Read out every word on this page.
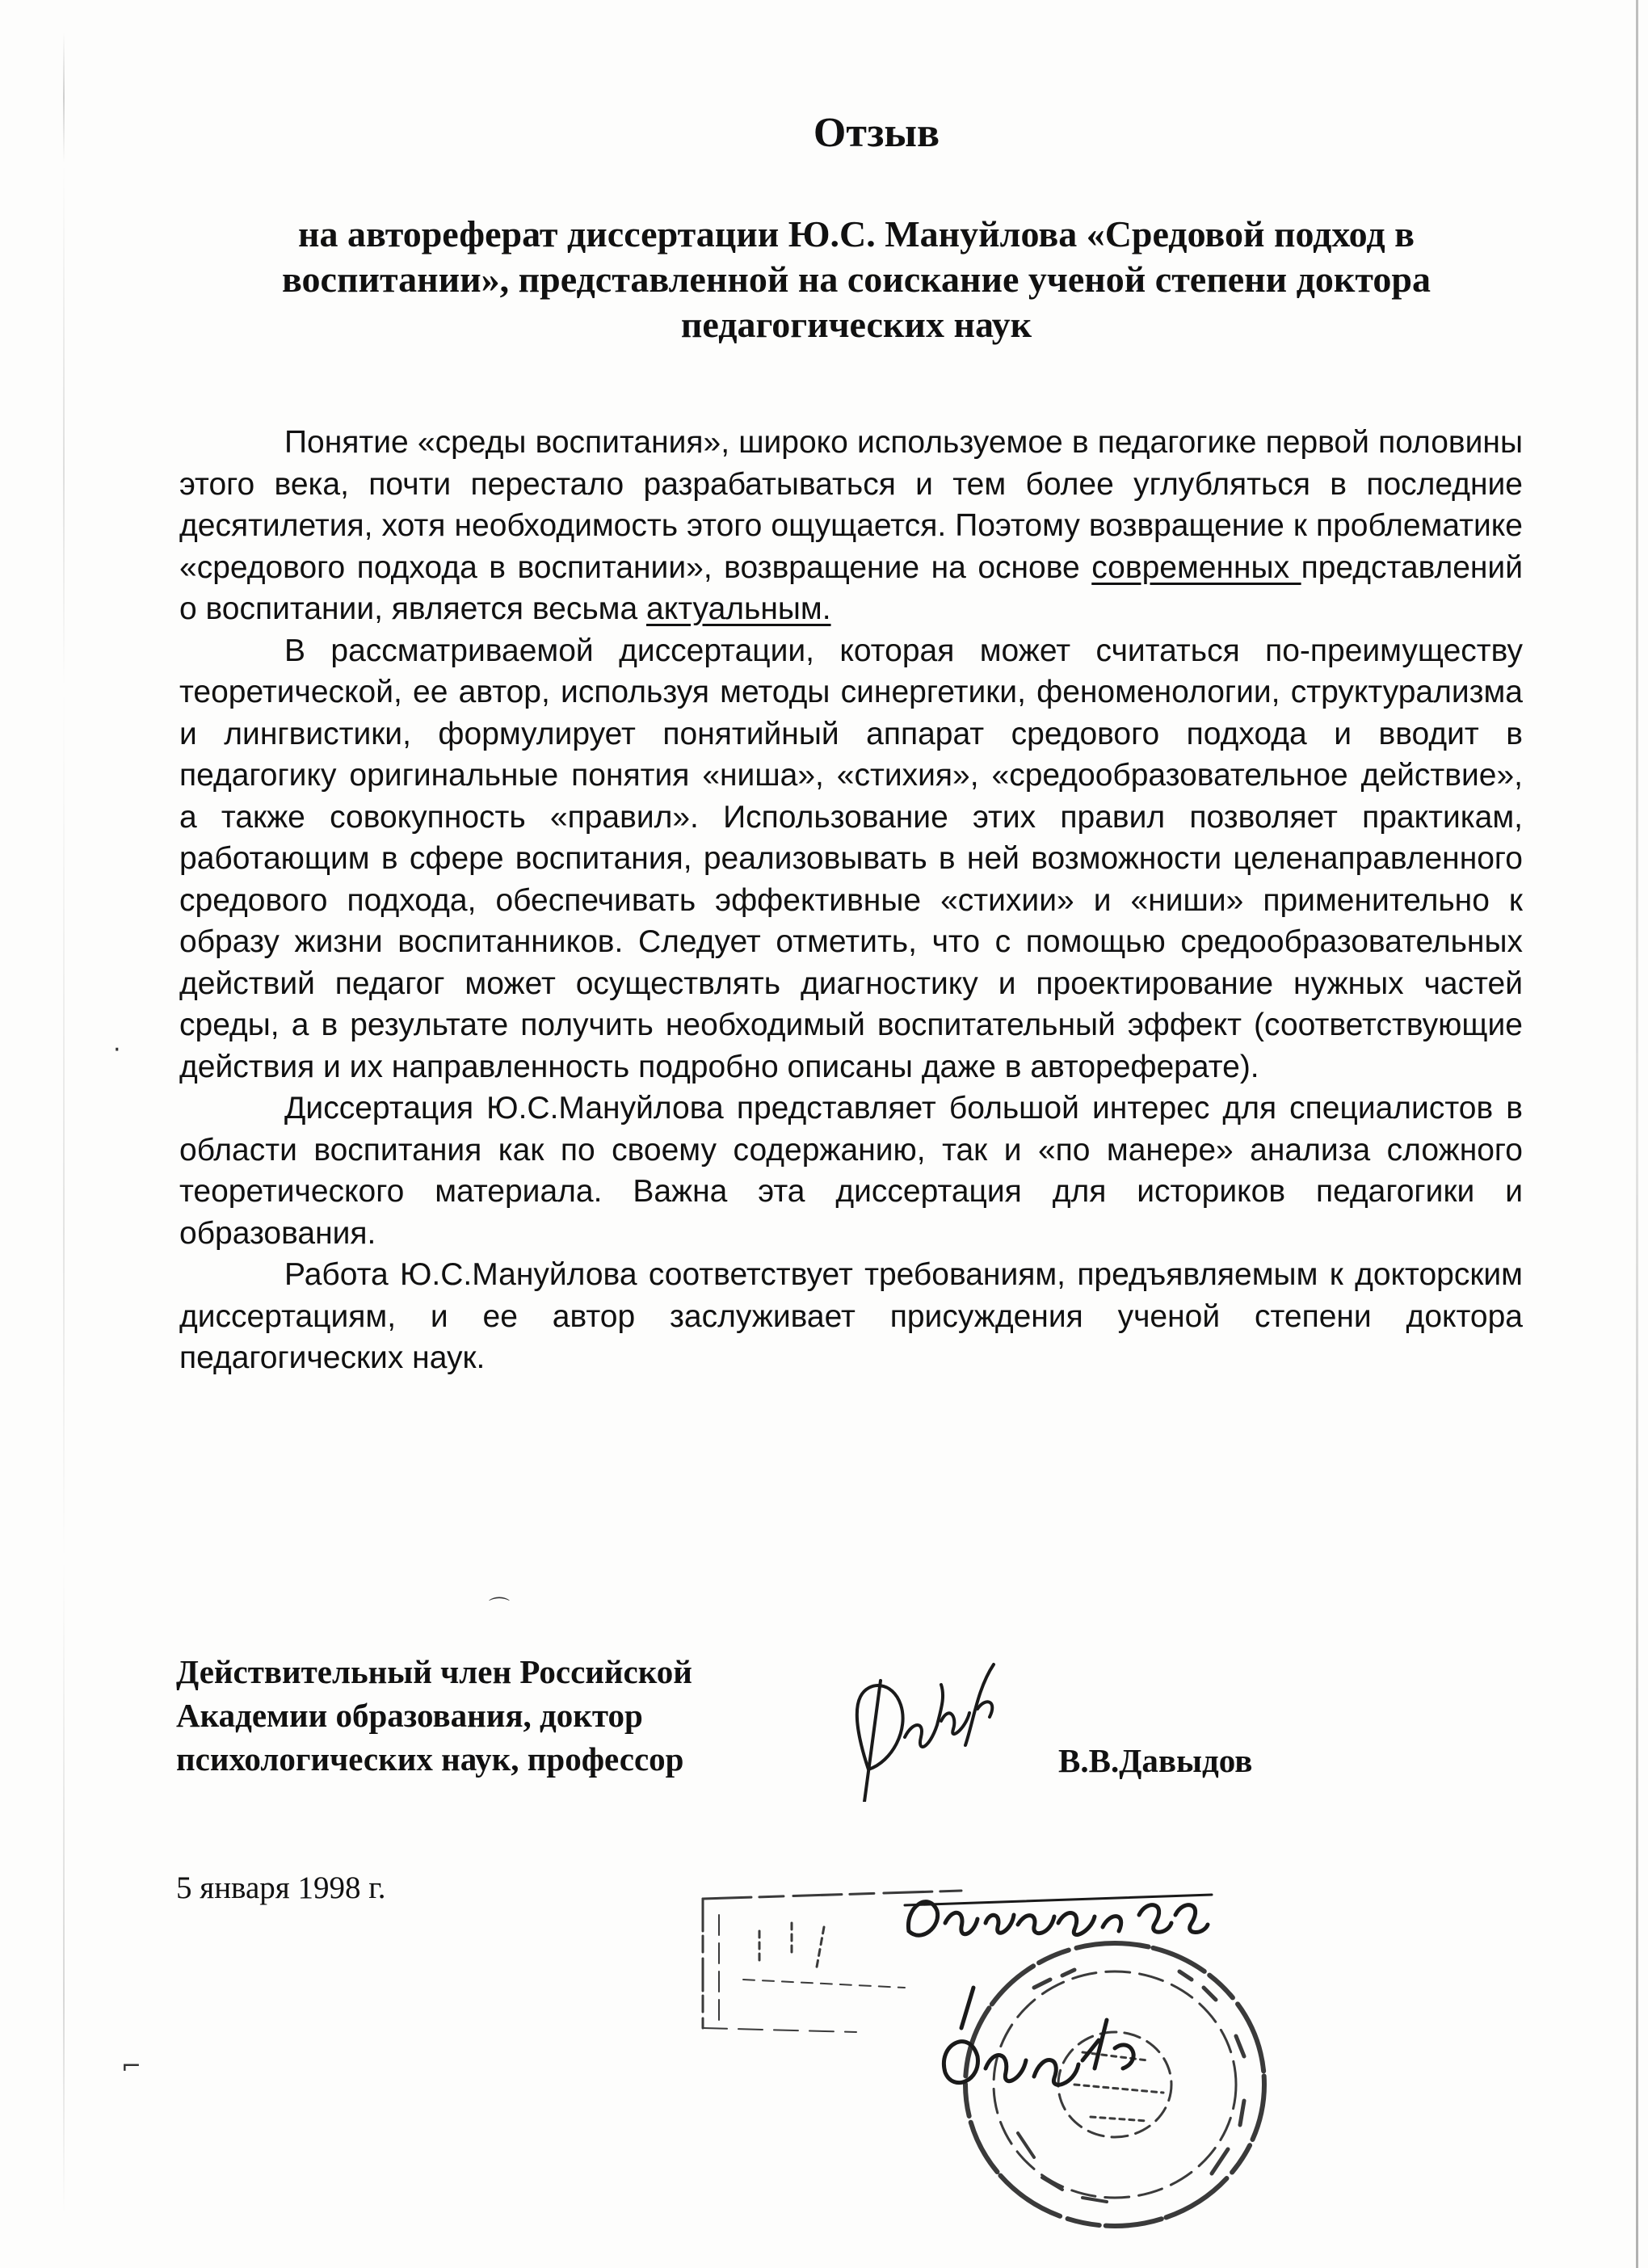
Отзыв
на автореферат диссертации Ю.С. Мануйлова «Средовой подход в воспитании», представленной на соискание ученой степени доктора педагогических наук

Понятие «среды воспитания», широко используемое в педагогике первой половины этого века, почти перестало разрабатываться и тем более углубляться в последние десятилетия, хотя необходимость этого ощущается. Поэтому возвращение к проблематике «средового подхода в воспитании», возвращение на основе современных представлений о воспитании, является весьма актуальным.

В рассматриваемой диссертации, которая может считаться по-преимуществу теоретической, ее автор, используя методы синергетики, феноменологии, структурализма и лингвистики, формулирует понятийный аппарат средового подхода и вводит в педагогику оригинальные понятия «ниша», «стихия», «средообразовательное действие», а также совокупность «правил». Использование этих правил позволяет практикам, работающим в сфере воспитания, реализовывать в ней возможности целенаправленного средового подхода, обеспечивать эффективные «стихии» и «ниши» применительно к образу жизни воспитанников. Следует отметить, что с помощью средообразовательных действий педагог может осуществлять диагностику и проектирование нужных частей среды, а в результате получить необходимый воспитательный эффект (соответствующие действия и их направленность подробно описаны даже в автореферате).

Диссертация Ю.С.Мануйлова представляет большой интерес для специалистов в области воспитания как по своему содержанию, так и «по манере» анализа сложного теоретического материала. Важна эта диссертация для историков педагогики и образования.

Работа Ю.С.Мануйлова соответствует требованиям, предъявляемым к докторским диссертациям, и ее автор заслуживает присуждения ученой степени доктора педагогических наук.

Действительный член Российской
Академии образования, доктор
психологических наук, профессор	В.В.Давыдов
5 января 1998 г.
·
⌐
⌒
